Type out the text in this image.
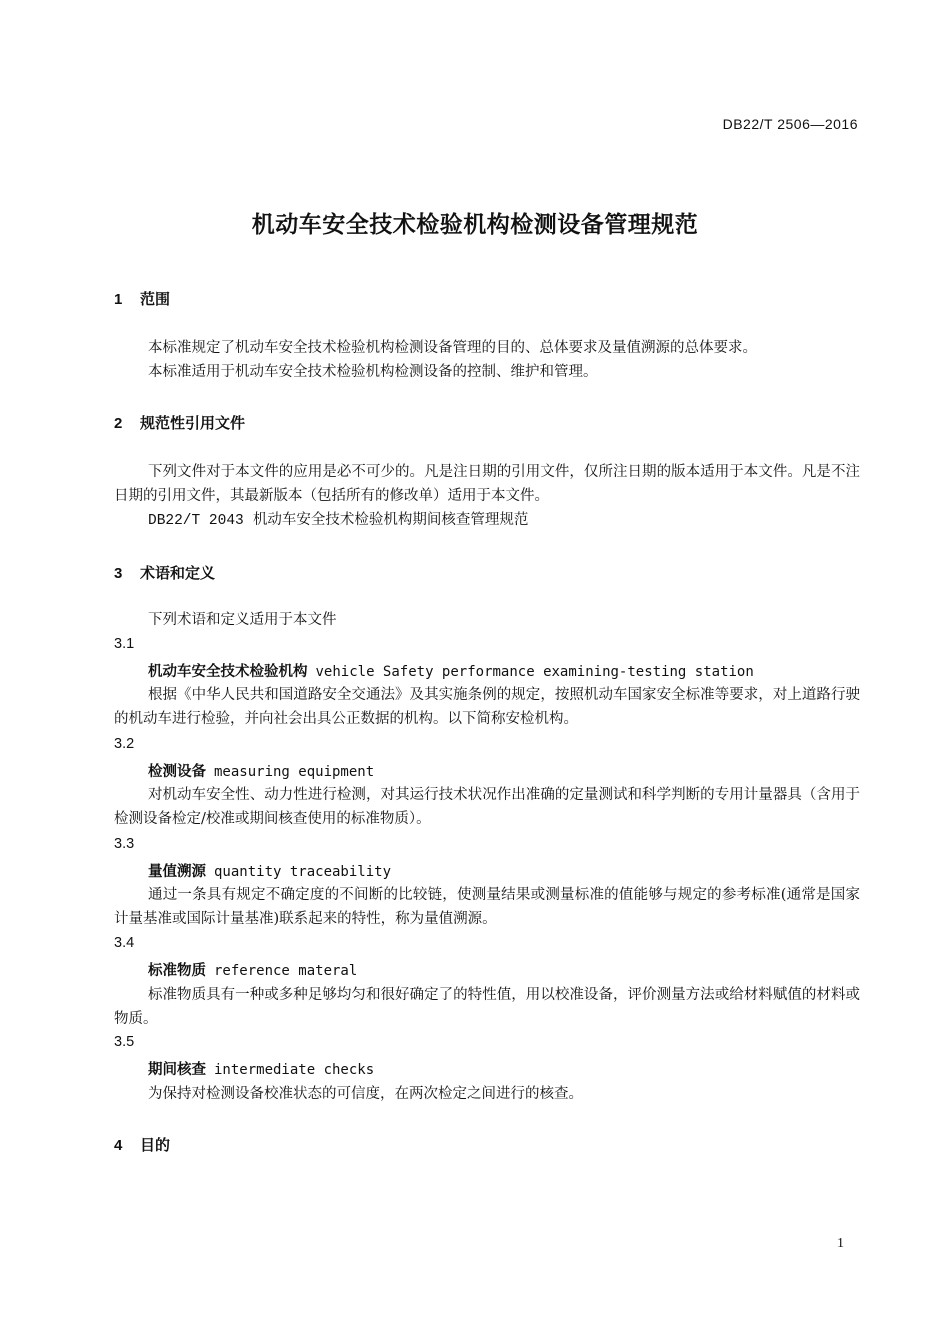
DB22/T 2506—2016
机动车安全技术检验机构检测设备管理规范
1 范围
本标准规定了机动车安全技术检验机构检测设备管理的目的、总体要求及量值溯源的总体要求。
本标准适用于机动车安全技术检验机构检测设备的控制、维护和管理。
2 规范性引用文件
下列文件对于本文件的应用是必不可少的。凡是注日期的引用文件，仅所注日期的版本适用于本文件。凡是不注日期的引用文件，其最新版本（包括所有的修改单）适用于本文件。
DB22/T 2043 机动车安全技术检验机构期间核查管理规范
3 术语和定义
下列术语和定义适用于本文件
3.1
机动车安全技术检验机构 vehicle Safety performance examining-testing station
根据《中华人民共和国道路安全交通法》及其实施条例的规定，按照机动车国家安全标准等要求，对上道路行驶的机动车进行检验，并向社会出具公正数据的机构。以下简称安检机构。
3.2
检测设备 measuring equipment
对机动车安全性、动力性进行检测，对其运行技术状况作出准确的定量测试和科学判断的专用计量器具（含用于检测设备检定/校准或期间核查使用的标准物质）。
3.3
量值溯源 quantity traceability
通过一条具有规定不确定度的不间断的比较链，使测量结果或测量标准的值能够与规定的参考标准(通常是国家计量基准或国际计量基准)联系起来的特性，称为量值溯源。
3.4
标准物质 reference materal
标准物质具有一种或多种足够均匀和很好确定了的特性值，用以校准设备，评价测量方法或给材料赋值的材料或物质。
3.5
期间核查 intermediate checks
为保持对检测设备校准状态的可信度，在两次检定之间进行的核查。
4 目的
1
